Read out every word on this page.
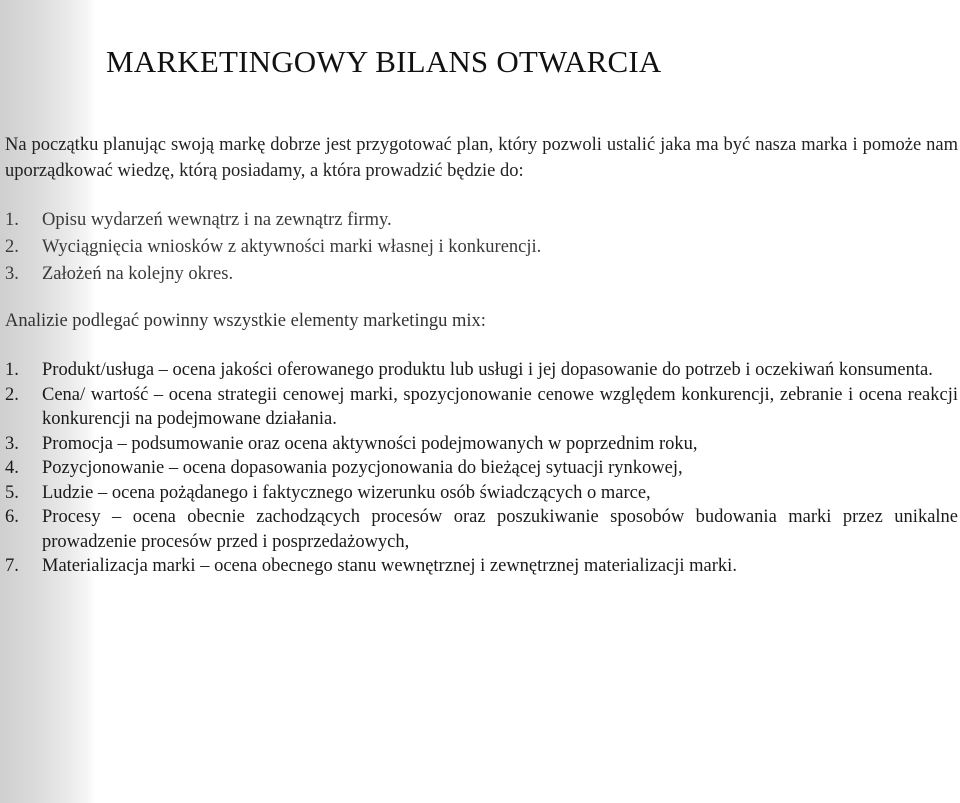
MARKETINGOWY BILANS OTWARCIA

Na początku planując swoją markę dobrze jest przygotować plan, który pozwoli ustalić jaka ma być nasza marka i pomoże nam uporządkować wiedzę, którą posiadamy, a która prowadzić będzie do:

1. Opisu wydarzeń wewnątrz i na zewnątrz firmy.
2. Wyciągnięcia wniosków z aktywności marki własnej i konkurencji.
3. Założeń na kolejny okres.

Analizie podlegać powinny wszystkie elementy marketingu mix:

1. Produkt/usługa – ocena jakości oferowanego produktu lub usługi i jej dopasowanie do potrzeb i oczekiwań konsumenta.
2. Cena/ wartość – ocena strategii cenowej marki, spozycjonowanie cenowe względem konkurencji, zebranie i ocena reakcji konkurencji na podejmowane działania.
3. Promocja – podsumowanie oraz ocena aktywności podejmowanych w poprzednim roku,
4. Pozycjonowanie – ocena dopasowania pozycjonowania do bieżącej sytuacji rynkowej,
5. Ludzie – ocena pożądanego i faktycznego wizerunku osób świadczących o marce,
6. Procesy – ocena obecnie zachodzących procesów oraz poszukiwanie sposobów budowania marki przez unikalne prowadzenie procesów przed i posprzedażowych,
7. Materializacja marki – ocena obecnego stanu wewnętrznej i zewnętrznej materializacji marki.
